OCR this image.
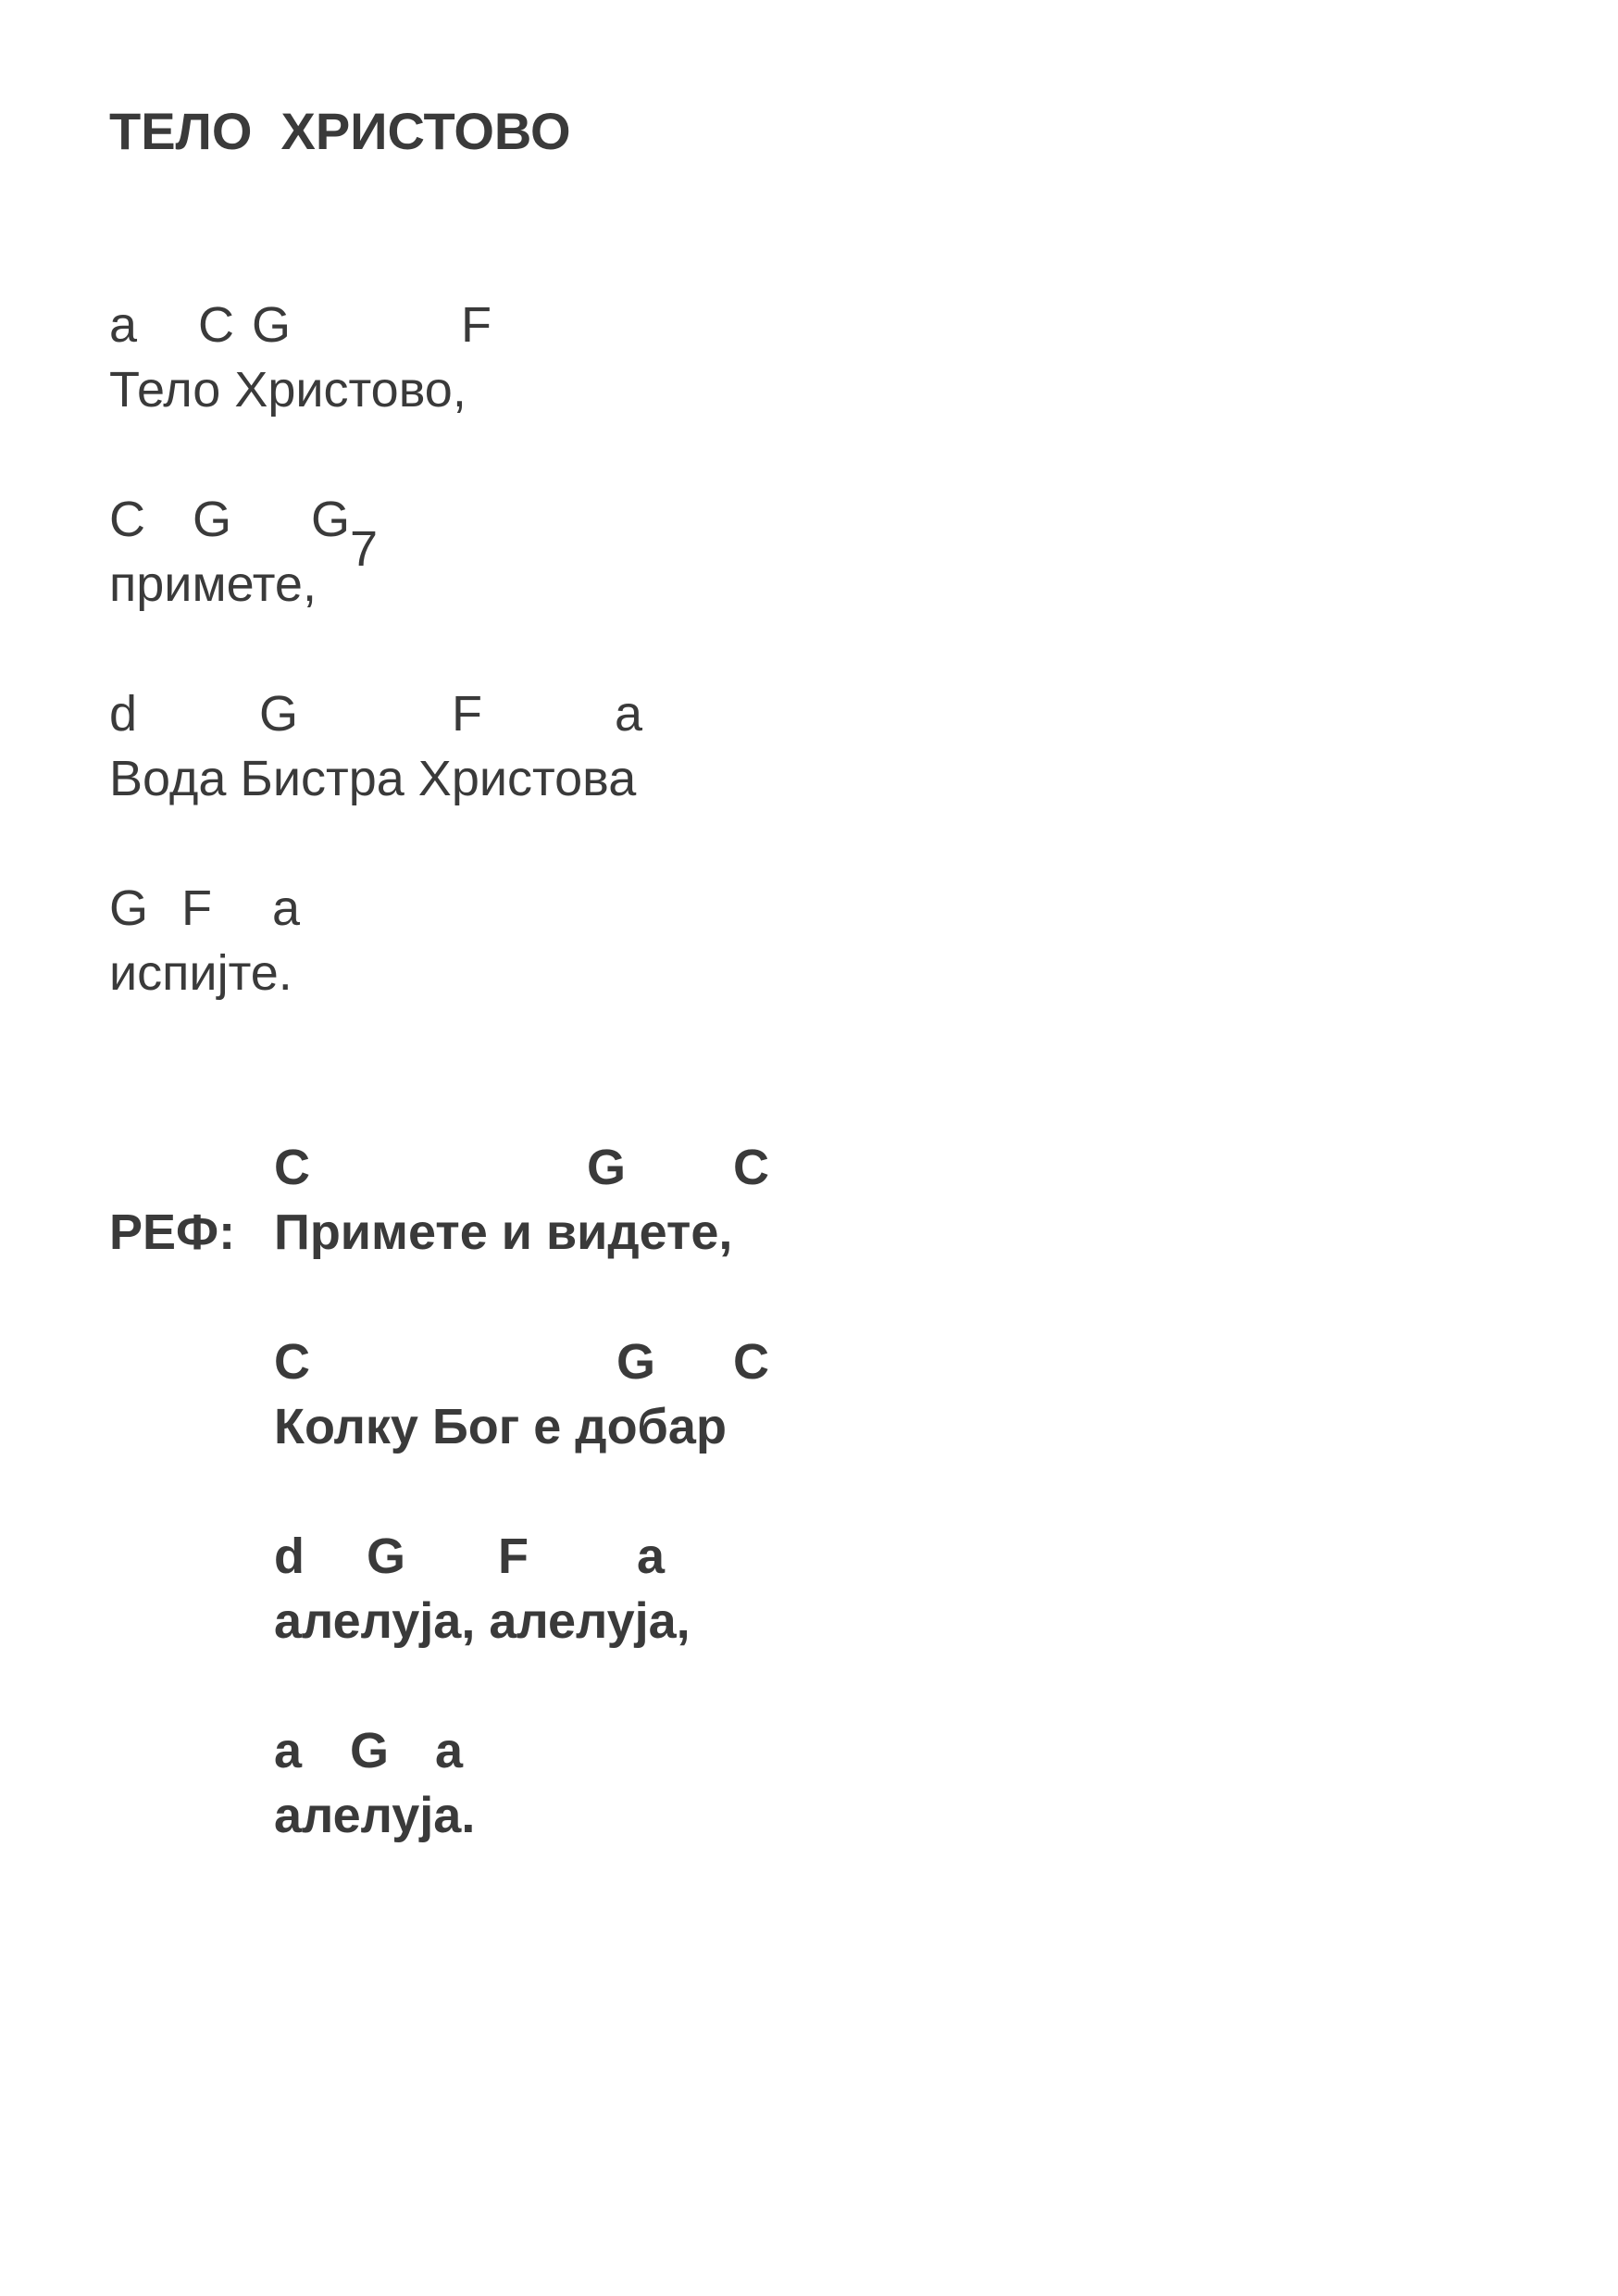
ТЕЛО  ХРИСТОВО
a C G	F
Тело Христово,
C G G
7
примете,
d G	F	a
Вода Бистра Христова
G F a
испијте.
C	G C
РЕФ: Примете и видете,
C	G C
Колку Бог е добар
d G F a
алелуја, алелуја,
a G a
алелуја.
